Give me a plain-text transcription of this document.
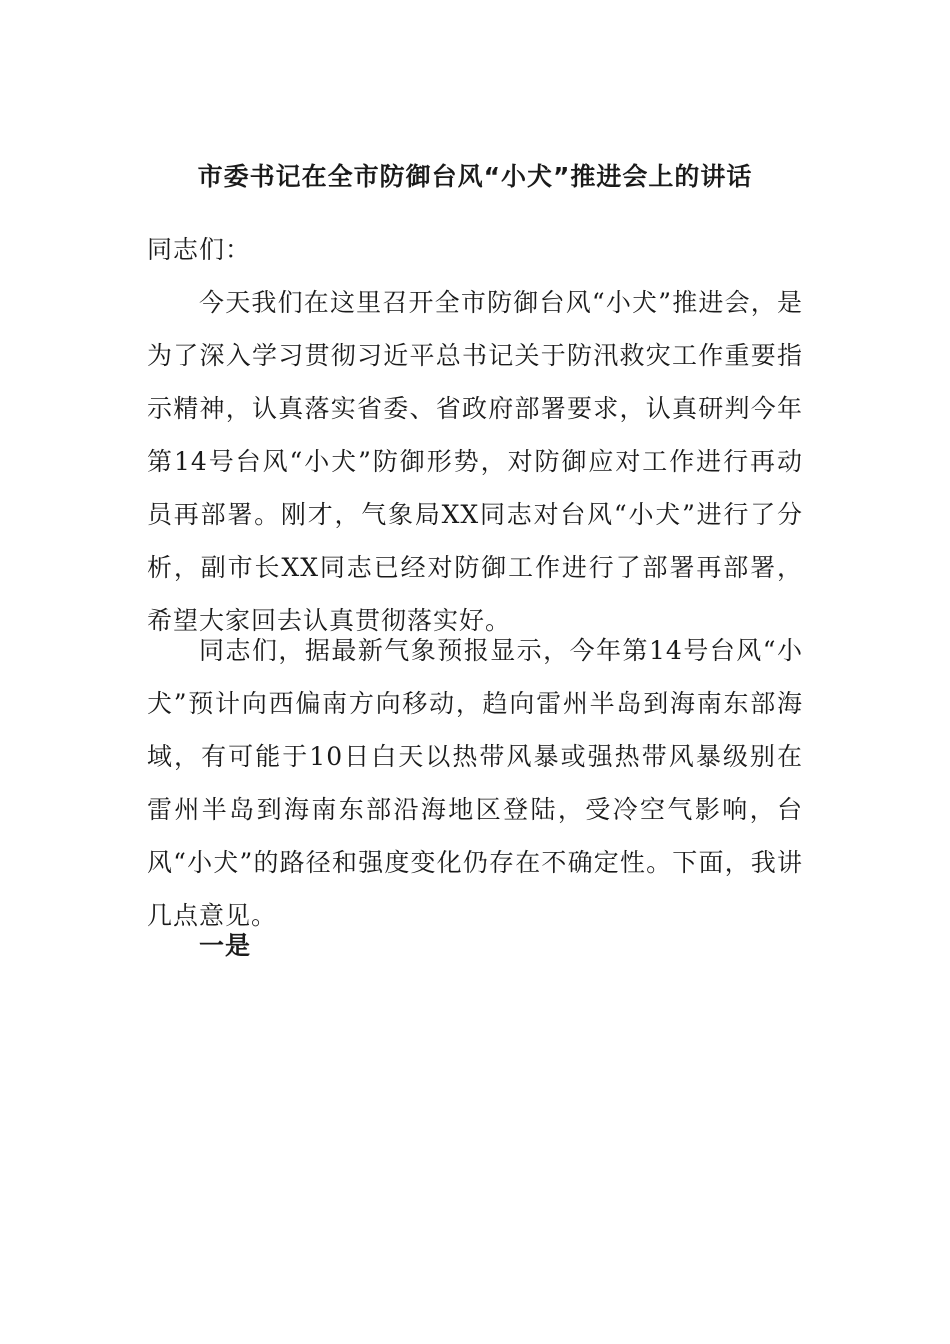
市委书记在全市防御台风“小犬”推进会上的讲话

同志们：

今天我们在这里召开全市防御台风“小犬”推进会，是为了深入学习贯彻习近平总书记关于防汛救灾工作重要指示精神，认真落实省委、省政府部署要求，认真研判今年第14号台风“小犬”防御形势，对防御应对工作进行再动员再部署。刚才，气象局XX同志对台风“小犬”进行了分析，副市长XX同志已经对防御工作进行了部署再部署，希望大家回去认真贯彻落实好。

同志们，据最新气象预报显示，今年第14号台风“小犬”预计向西偏南方向移动，趋向雷州半岛到海南东部海域，有可能于10日白天以热带风暴或强热带风暴级别在雷州半岛到海南东部沿海地区登陆，受冷空气影响，台风“小犬”的路径和强度变化仍存在不确定性。下面，我讲几点意见。

一是
